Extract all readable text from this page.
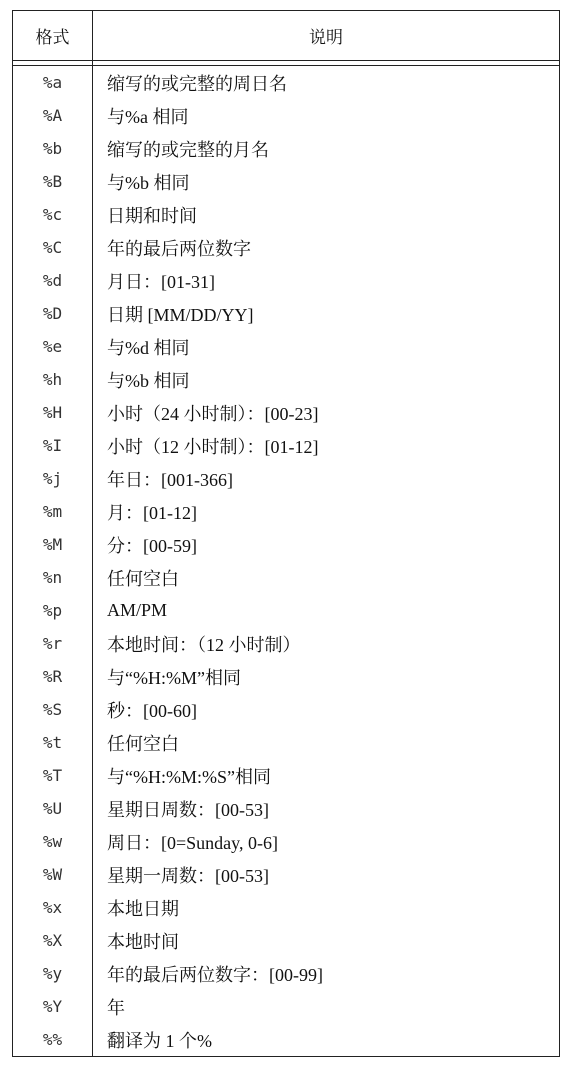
格式	说明
%a	缩写的或完整的周日名
%A	与%a 相同
%b	缩写的或完整的月名
%B	与%b 相同
%c	日期和时间
%C	年的最后两位数字
%d	月日：[01-31]
%D	日期 [MM/DD/YY]
%e	与%d 相同
%h	与%b 相同
%H	小时（24 小时制）：[00-23]
%I	小时（12 小时制）：[01-12]
%j	年日：[001-366]
%m	月：[01-12]
%M	分：[00-59]
%n	任何空白
%p	AM/PM
%r	本地时间：（12 小时制）
%R	与“%H:%M”相同
%S	秒：[00-60]
%t	任何空白
%T	与“%H:%M:%S”相同
%U	星期日周数：[00-53]
%w	周日：[0=Sunday, 0-6]
%W	星期一周数：[00-53]
%x	本地日期
%X	本地时间
%y	年的最后两位数字：[00-99]
%Y	年
%%	翻译为 1 个%
